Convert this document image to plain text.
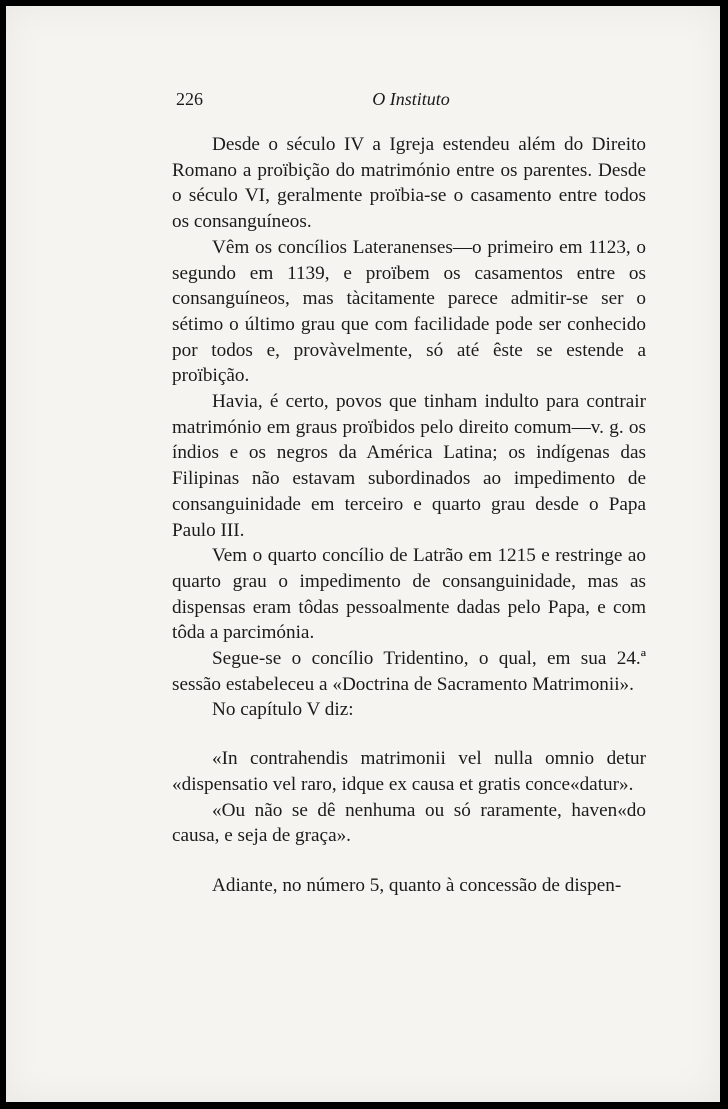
226	O Instituto

Desde o século IV a Igreja estendeu além do Direito Romano a proïbição do matrimónio entre os parentes. Desde o século VI, geralmente proïbia-se o casamento entre todos os consanguíneos.

Vêm os concílios Lateranenses—o primeiro em 1123, o segundo em 1139, e proïbem os casamentos entre os consanguíneos, mas tàcitamente parece admitir-se ser o sétimo o último grau que com facilidade pode ser conhecido por todos e, provàvelmente, só até êste se estende a proïbição.

Havia, é certo, povos que tinham indulto para contrair matrimónio em graus proïbidos pelo direito comum—v. g. os índios e os negros da América Latina; os indígenas das Filipinas não estavam subordinados ao impedimento de consanguinidade em terceiro e quarto grau desde o Papa Paulo III.

Vem o quarto concílio de Latrão em 1215 e restringe ao quarto grau o impedimento de consanguinidade, mas as dispensas eram tôdas pessoalmente dadas pelo Papa, e com tôda a parcimónia.

Segue-se o concílio Tridentino, o qual, em sua 24.ª sessão estabeleceu a «Doctrina de Sacramento Matrimonii».

No capítulo V diz:

«In contrahendis matrimonii vel nulla omnio detur «dispensatio vel raro, idque ex causa et gratis conce«datur».

«Ou não se dê nenhuma ou só raramente, haven«do causa, e seja de graça».

Adiante, no número 5, quanto à concessão de dispen-
